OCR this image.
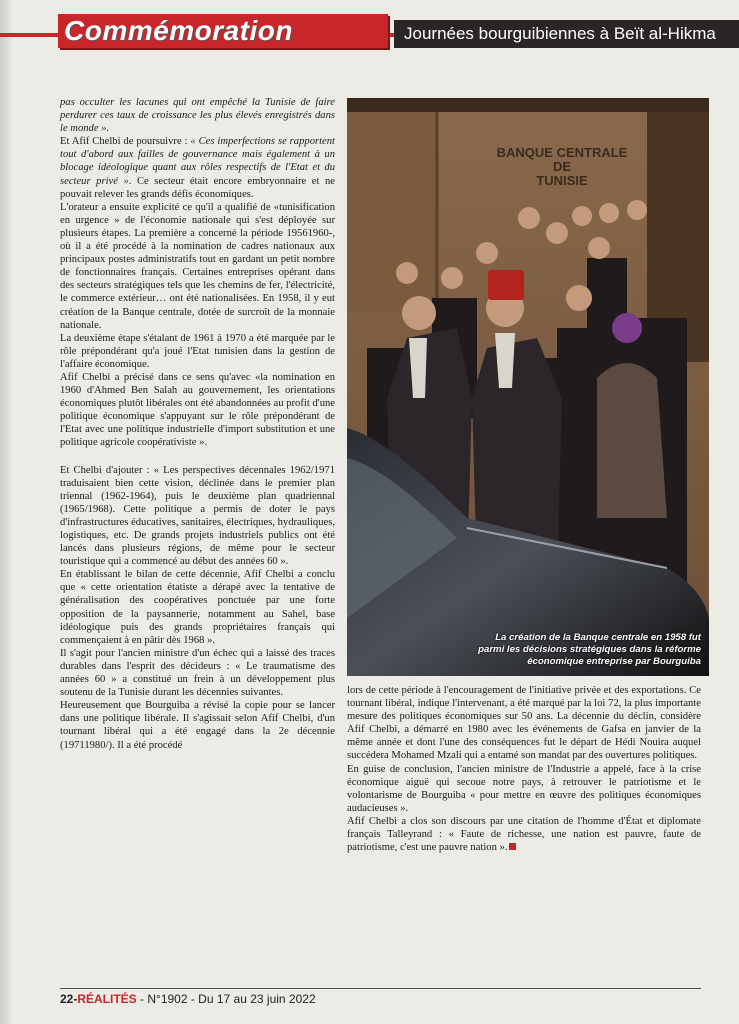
Commémoration	Journées bourguibiennes à Beït al-Hikma

pas occulter les lacunes qui ont empêché la Tunisie de faire perdurer ces taux de croissance les plus élevés enregistrés dans le monde ».

Et Afif Chelbi de poursuivre : « Ces imperfections se rapportent tout d'abord aux failles de gouvernance mais également à un blocage idéologique quant aux rôles respectifs de l'Etat et du secteur privé ». Ce secteur était encore embryonnaire et ne pouvait relever les grands défis économiques.

L'orateur a ensuite explicité ce qu'il a qualifié de «tunisification en urgence » de l'économie nationale qui s'est déployée sur plusieurs étapes. La première a concerné la période 19561960-, où il a été procédé à la nomination de cadres nationaux aux principaux postes administratifs tout en gardant un petit nombre de fonctionnaires français. Certaines entreprises opérant dans des secteurs stratégiques tels que les chemins de fer, l'électricité, le commerce extérieur… ont été nationalisées. En 1958, il y eut création de la Banque centrale, dotée de surcroît de la monnaie nationale.

La deuxième étape s'étalant de 1961 à 1970 a été marquée par le rôle prépondérant qu'a joué l'Etat tunisien dans la gestion de l'affaire économique.

Afif Chelbi a précisé dans ce sens qu'avec «la nomination en 1960 d'Ahmed Ben Salah au gouvernement, les orientations économiques plutôt libérales ont été abandonnées au profit d'une politique économique s'appuyant sur le rôle prépondérant de l'Etat avec une politique industrielle d'import substitution et une politique agricole coopérativiste ».

Et Chelbi d'ajouter : « Les perspectives décennales 1962/1971 traduisaient bien cette vision, déclinée dans le premier plan triennal (1962-1964), puis le deuxième plan quadriennal (1965/1968). Cette politique a permis de doter le pays d'infrastructures éducatives, sanitaires, électriques, hydrauliques, logistiques, etc. De grands projets industriels publics ont été lancés dans plusieurs régions, de même pour le secteur touristique qui a commencé au début des années 60 ».

En établissant le bilan de cette décennie, Afif Chelbi a conclu que « cette orientation étatiste a dérapé avec la tentative de généralisation des coopératives ponctuée par une forte opposition de la paysannerie, notamment au Sahel, base idéologique puis des grands propriétaires français qui commençaient à en pâtir dès 1968 ».

Il s'agit pour l'ancien ministre d'un échec qui a laissé des traces durables dans l'esprit des décideurs : « Le traumatisme des années 60 » a constitué un frein à un développement plus soutenu de la Tunisie durant les décennies suivantes.

Heureusement que Bourguiba a révisé la copie pour se lancer dans une politique libérale. Il s'agissait selon Afif Chelbi, d'un tournant libéral qui a été engagé dans la 2e décennie (19711980/). Il a été procédé

BANQUE CENTRALE
DE
TUNISIE
La création de la Banque centrale en 1958 fut parmi les décisions stratégiques dans la réforme économique entreprise par Bourguiba

lors de cette période à l'encouragement de l'initiative privée et des exportations. Ce tournant libéral, indique l'intervenant, a été marqué par la loi 72, la plus importante mesure des politiques économiques sur 50 ans. La décennie du déclin, considère Afif Chelbi, a démarré en 1980 avec les événements de Gafsa en janvier de la même année et dont l'une des conséquences fut le départ de Hédi Nouira auquel succédera Mohamed Mzali qui a entamé son mandat par des ouvertures politiques.

En guise de conclusion, l'ancien ministre de l'Industrie a appelé, face à la crise économique aiguë qui secoue notre pays, à retrouver le patriotisme et le volontarisme de Bourguiba « pour mettre en œuvre des politiques économiques audacieuses ».

Afif Chelbi a clos son discours par une citation de l'homme d'État et diplomate français Talleyrand : « Faute de richesse, une nation est pauvre, faute de patriotisme, c'est une pauvre nation ».

22-RÉALITÉS - N°1902 - Du 17 au 23 juin 2022
